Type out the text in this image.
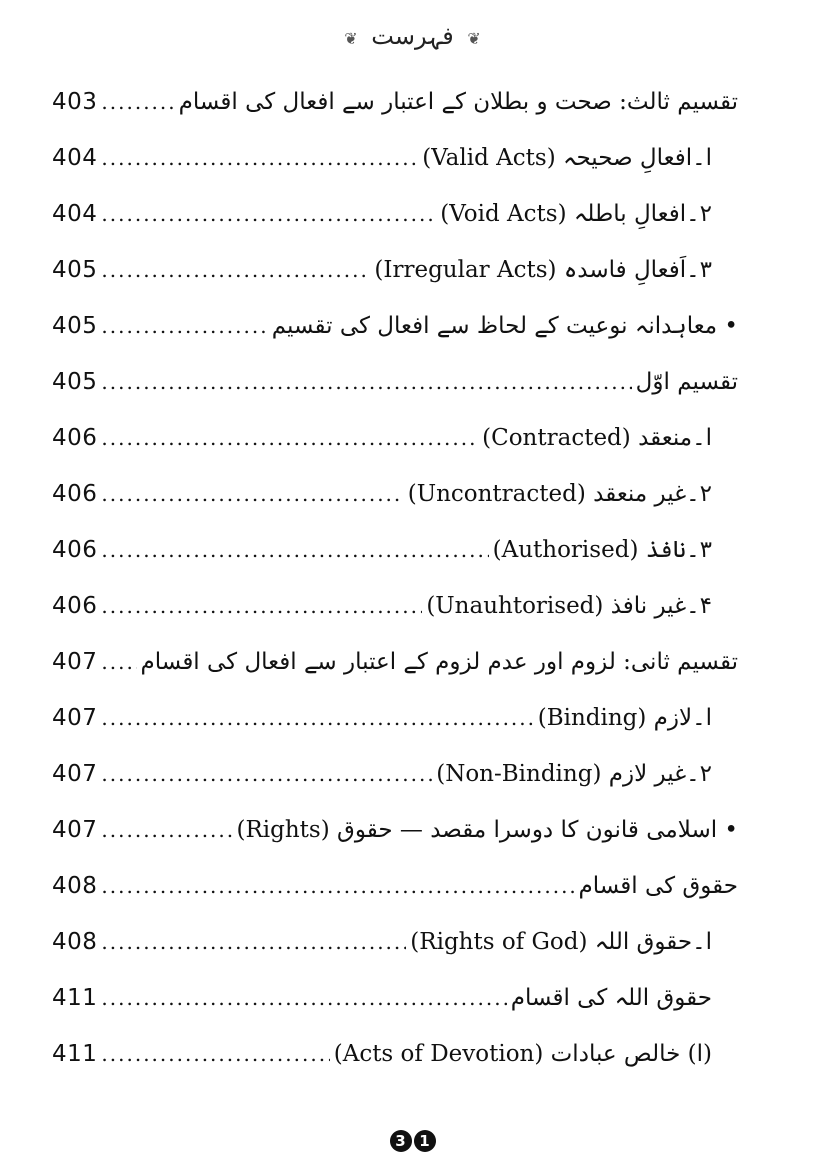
❦ فہرست ❦
تقسیم ثالث: صحت و بطلان کے اعتبار سے افعال کی اقسام
.....
403
ا۔افعالِ صحیحہ (Valid Acts)
.....
404
۲۔افعالِ باطلہ (Void Acts)
.....
404
۳۔اَفعالِ فاسدہ (Irregular Acts)
.....
405
• معاہدانہ نوعیت کے لحاظ سے افعال کی تقسیم
.....
405
تقسیم اوّل
.....
405
ا۔منعقد (Contracted)
.....
406
۲۔غیر منعقد (Uncontracted)
.....
406
۳۔نافذ (Authorised)
.....
406
۴۔غیر نافذ (Unauhtorised)
.....
406
تقسیم ثانی: لزوم اور عدم لزوم کے اعتبار سے افعال کی اقسام
.....
407
ا۔لازم (Binding)
.....
407
۲۔غیر لازم (Non-Binding)
.....
407
• اسلامی قانون کا دوسرا مقصد — حقوق (Rights)
.....
407
حقوق کی اقسام
.....
408
ا۔حقوق اللہ (Rights of God)
.....
408
حقوق اللہ کی اقسام
.....
411
(ا) خالص عبادات (Acts of Devotion)
.....
411
3 1
